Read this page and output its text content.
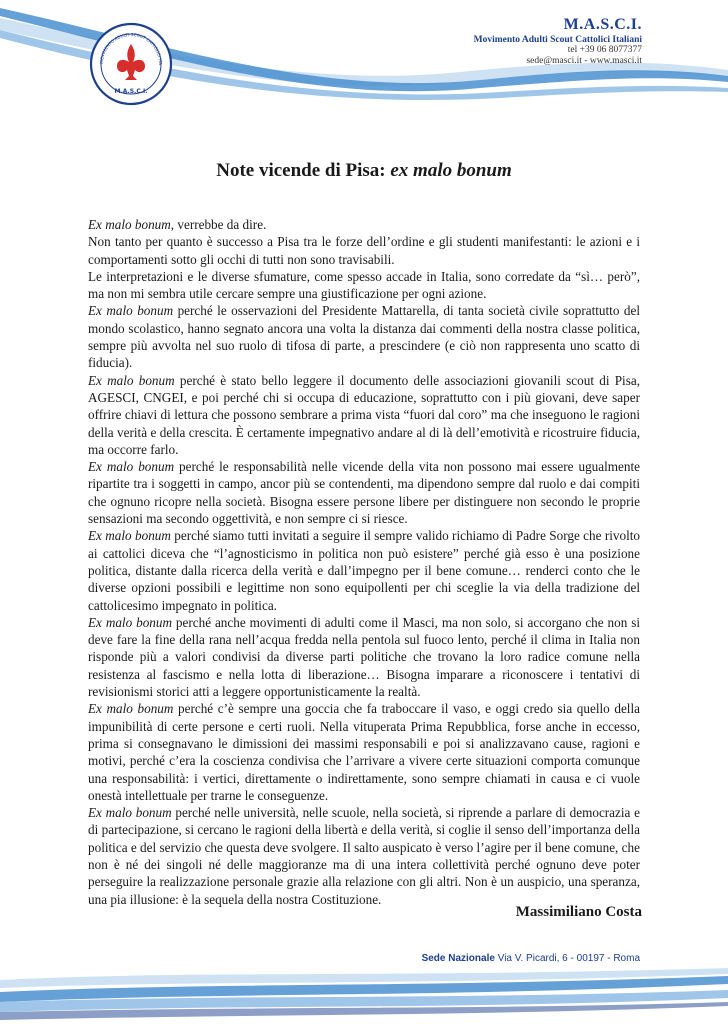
MOVIMENTO ADULTI SCOUT CATTOLICI ITA
M.A.S.C.I.
M.A.S.C.I.
Movimento Adulti Scout Cattolici Italiani
tel +39 06 8077377
sede@masci.it - www.masci.it
Note vicende di Pisa: ex malo bonum

Ex malo bonum, verrebbe da dire.

Non tanto per quanto è successo a Pisa tra le forze dell’ordine e gli studenti manifestanti: le azioni e i comportamenti sotto gli occhi di tutti non sono travisabili.

Le interpretazioni e le diverse sfumature, come spesso accade in Italia, sono corredate da “sì… però”, ma non mi sembra utile cercare sempre una giustificazione per ogni azione.

Ex malo bonum perché le osservazioni del Presidente Mattarella, di tanta società civile soprattutto del mondo scolastico, hanno segnato ancora una volta la distanza dai commenti della nostra classe politica, sempre più avvolta nel suo ruolo di tifosa di parte, a prescindere (e ciò non rappresenta uno scatto di fiducia).

Ex malo bonum perché è stato bello leggere il documento delle associazioni giovanili scout di Pisa, AGESCI, CNGEI, e poi perché chi si occupa di educazione, soprattutto con i più giovani, deve saper offrire chiavi di lettura che possono sembrare a prima vista “fuori dal coro” ma che inseguono le ragioni della verità e della crescita. È certamente impegnativo andare al di là dell’emotività e ricostruire fiducia, ma occorre farlo.

Ex malo bonum perché le responsabilità nelle vicende della vita non possono mai essere ugualmente ripartite tra i soggetti in campo, ancor più se contendenti, ma dipendono sempre dal ruolo e dai compiti che ognuno ricopre nella società. Bisogna essere persone libere per distinguere non secondo le proprie sensazioni ma secondo oggettività, e non sempre ci si riesce.

Ex malo bonum perché siamo tutti invitati a seguire il sempre valido richiamo di Padre Sorge che rivolto ai cattolici diceva che “l’agnosticismo in politica non può esistere” perché già esso è una posizione politica, distante dalla ricerca della verità e dall’impegno per il bene comune… renderci conto che le diverse opzioni possibili e legittime non sono equipollenti per chi sceglie la via della tradizione del cattolicesimo impegnato in politica.

Ex malo bonum perché anche movimenti di adulti come il Masci, ma non solo, si accorgano che non si deve fare la fine della rana nell’acqua fredda nella pentola sul fuoco lento, perché il clima in Italia non risponde più a valori condivisi da diverse parti politiche che trovano la loro radice comune nella resistenza al fascismo e nella lotta di liberazione… Bisogna imparare a riconoscere i tentativi di revisionismi storici atti a leggere opportunisticamente la realtà.

Ex malo bonum perché c’è sempre una goccia che fa traboccare il vaso, e oggi credo sia quello della impunibilità di certe persone e certi ruoli. Nella vituperata Prima Repubblica, forse anche in eccesso, prima si consegnavano le dimissioni dei massimi responsabili e poi si analizzavano cause, ragioni e motivi, perché c’era la coscienza condivisa che l’arrivare a vivere certe situazioni comporta comunque una responsabilità: i vertici, direttamente o indirettamente, sono sempre chiamati in causa e ci vuole onestà intellettuale per trarne le conseguenze.

Ex malo bonum perché nelle università, nelle scuole, nella società, si riprende a parlare di democrazia e di partecipazione, si cercano le ragioni della libertà e della verità, si coglie il senso dell’importanza della politica e del servizio che questa deve svolgere. Il salto auspicato è verso l’agire per il bene comune, che non è né dei singoli né delle maggioranze ma di una intera collettività perché ognuno deve poter perseguire la realizzazione personale grazie alla relazione con gli altri. Non è un auspicio, una speranza, una pia illusione: è la sequela della nostra Costituzione.

Massimiliano Costa
Sede Nazionale Via V. Picardi, 6 - 00197 - Roma
